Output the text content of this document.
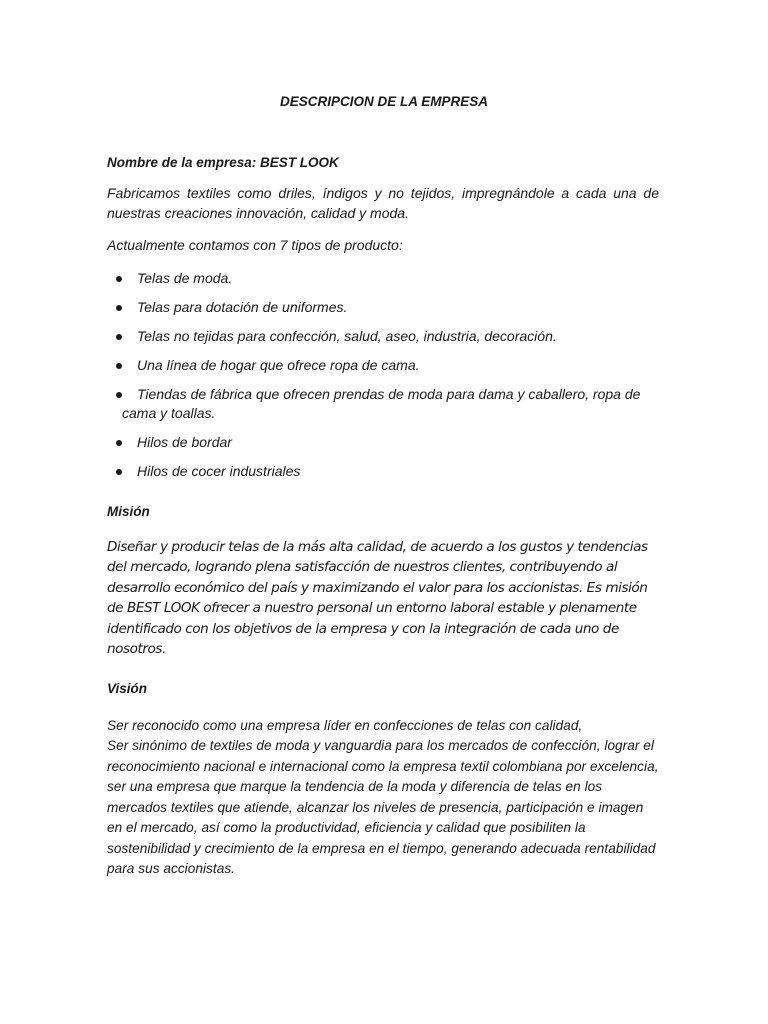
DESCRIPCION DE LA EMPRESA

Nombre de la empresa: BEST LOOK

Fabricamos textiles como driles, índigos y no tejidos, impregnándole a cada una de nuestras creaciones innovación, calidad y moda.

Actualmente contamos con 7 tipos de producto:

Telas de moda.
Telas para dotación de uniformes.
Telas no tejidas para confección, salud, aseo, industria, decoración.
Una línea de hogar que ofrece ropa de cama.
Tiendas de fábrica que ofrecen prendas de moda para dama y caballero, ropa de cama y toallas.
Hilos de bordar
Hilos de cocer industriales

Misión

Diseñar y producir telas de la más alta calidad, de acuerdo a los gustos y tendencias del mercado, logrando plena satisfacción de nuestros clientes, contribuyendo al desarrollo económico del país y maximizando el valor para los accionistas. Es misión de BEST LOOK ofrecer a nuestro personal un entorno laboral estable y plenamente identificado con los objetivos de la empresa y con la integración de cada uno de nosotros.

Visión

Ser reconocido como una empresa líder en confecciones de telas con calidad,
Ser sinónimo de textiles de moda y vanguardia para los mercados de confección, lograr el reconocimiento nacional e internacional como la empresa textil colombiana por excelencia, ser una empresa que marque la tendencia de la moda y diferencia de telas en los mercados textiles que atiende, alcanzar los niveles de presencia, participación e imagen en el mercado, así como la productividad, eficiencia y calidad que posibiliten la sostenibilidad y crecimiento de la empresa en el tiempo, generando adecuada rentabilidad para sus accionistas.
